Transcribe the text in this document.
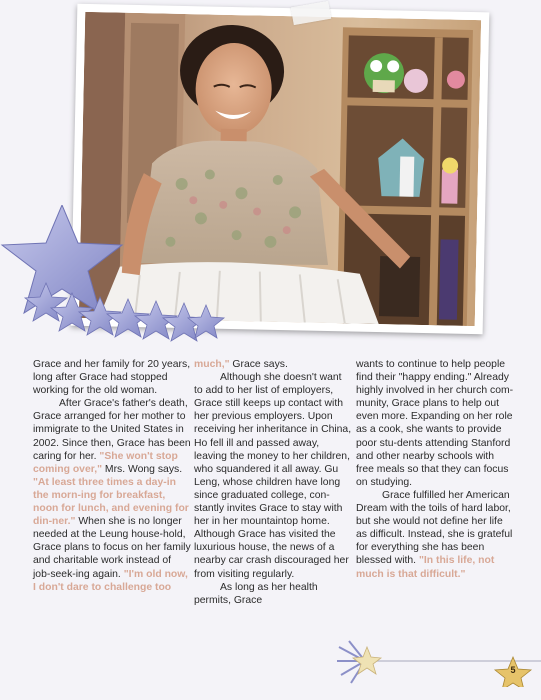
Grace and her family for 20 years, long after Grace had stopped working for the old woman.

After Grace's father's death, Grace arranged for her mother to immigrate to the United States in 2002. Since then, Grace has been caring for her. "She won't stop coming over," Mrs. Wong says. "At least three times a day-in the morn-ing for breakfast, noon for lunch, and evening for din-ner." When she is no longer needed at the Leung house-hold, Grace plans to focus on her family and charitable work instead of job-seek-ing again. "I'm old now, I don't dare to challenge too

much," Grace says.

Although she doesn't want to add to her list of employers, Grace still keeps up contact with her previous employers. Upon receiving her inheritance in China, Ho fell ill and passed away, leaving the money to her children, who squandered it all away. Gu Leng, whose children have long since graduated college, con-stantly invites Grace to stay with her in her mountaintop home. Although Grace has visited the luxurious house, the news of a nearby car crash discouraged her from visiting regularly.

As long as her health permits, Grace

wants to continue to help people find their "happy ending." Already highly involved in her church com-munity, Grace plans to help out even more. Expanding on her role as a cook, she wants to provide poor stu-dents attending Stanford and other nearby schools with free meals so that they can focus on studying.

Grace fulfilled her American Dream with the toils of hard labor, but she would not define her life as difficult. Instead, she is grateful for everything she has been blessed with. "In this life, not much is that difficult."

5
